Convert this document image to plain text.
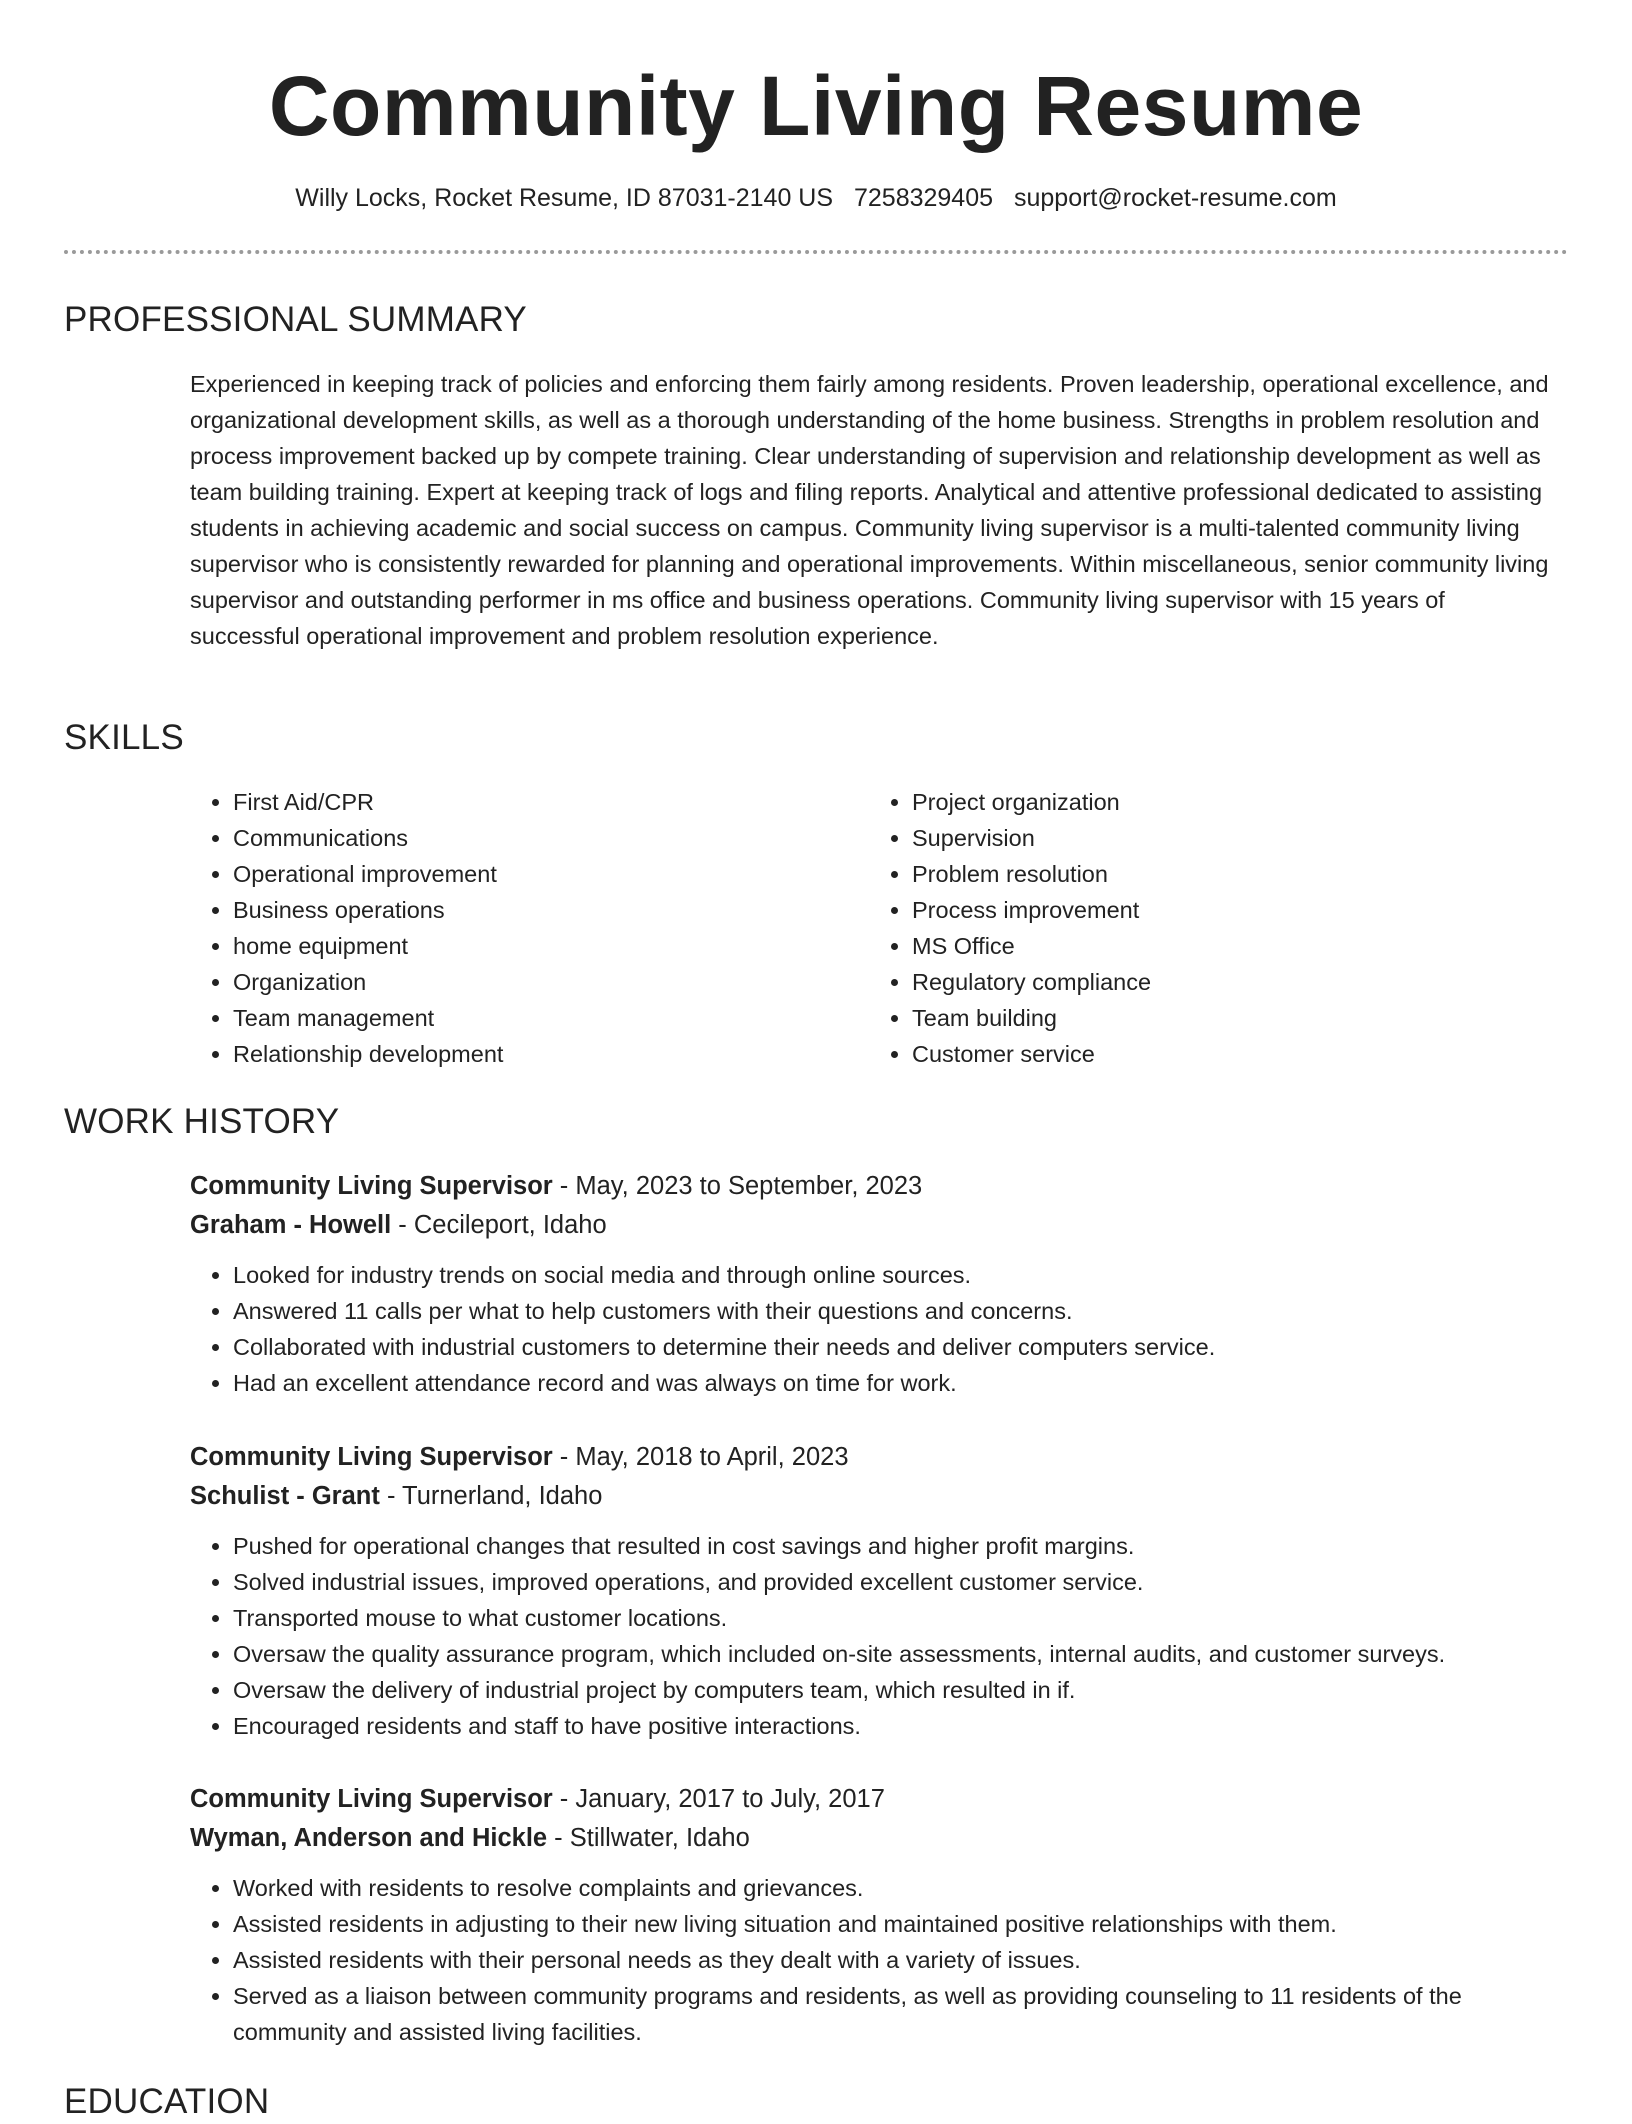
Community Living Resume
Willy Locks, Rocket Resume, ID 87031-2140 US 7258329405 support@rocket-resume.com
PROFESSIONAL SUMMARY

Experienced in keeping track of policies and enforcing them fairly among residents. Proven leadership, operational excellence, and organizational development skills, as well as a thorough understanding of the home business. Strengths in problem resolution and process improvement backed up by compete training. Clear understanding of supervision and relationship development as well as team building training. Expert at keeping track of logs and filing reports. Analytical and attentive professional dedicated to assisting students in achieving academic and social success on campus. Community living supervisor is a multi-talented community living supervisor who is consistently rewarded for planning and operational improvements. Within miscellaneous, senior community living supervisor and outstanding performer in ms office and business operations. Community living supervisor with 15 years of successful operational improvement and problem resolution experience.

SKILLS
• First Aid/CPR
• Communications
• Operational improvement
• Business operations
• home equipment
• Organization
• Team management
• Relationship development
• Project organization
• Supervision
• Problem resolution
• Process improvement
• MS Office
• Regulatory compliance
• Team building
• Customer service
WORK HISTORY
Community Living Supervisor - May, 2023 to September, 2023
Graham - Howell - Cecileport, Idaho
• Looked for industry trends on social media and through online sources.
• Answered 11 calls per what to help customers with their questions and concerns.
• Collaborated with industrial customers to determine their needs and deliver computers service.
• Had an excellent attendance record and was always on time for work.
Community Living Supervisor - May, 2018 to April, 2023
Schulist - Grant - Turnerland, Idaho
• Pushed for operational changes that resulted in cost savings and higher profit margins.
• Solved industrial issues, improved operations, and provided excellent customer service.
• Transported mouse to what customer locations.
• Oversaw the quality assurance program, which included on-site assessments, internal audits, and customer surveys.
• Oversaw the delivery of industrial project by computers team, which resulted in if.
• Encouraged residents and staff to have positive interactions.
Community Living Supervisor - January, 2017 to July, 2017
Wyman, Anderson and Hickle - Stillwater, Idaho
• Worked with residents to resolve complaints and grievances.
• Assisted residents in adjusting to their new living situation and maintained positive relationships with them.
• Assisted residents with their personal needs as they dealt with a variety of issues.
• Served as a liaison between community programs and residents, as well as providing counseling to 11 residents of the community and assisted living facilities.
EDUCATION
